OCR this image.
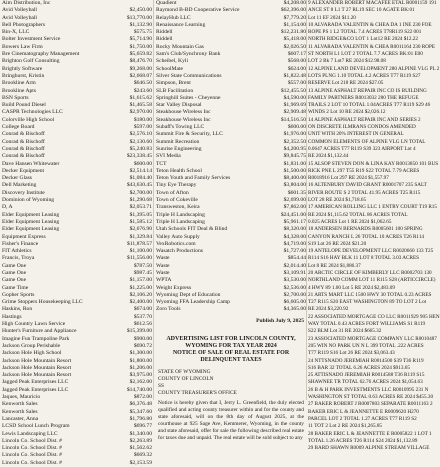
Aim Distribution, Inc
Avid Volleyball	$2,450.00
Avid Volleyball	$13,770.00
Bell Photographers	$1,132.90
Bin-X, LLC	$575.75
Bolter Investment Service	$5,714.90
Bowers Law Firm	$1,750.00
Bre Cinematography Management	$5,659.82
Brighton Golf Consulting	$8,476.70
Brightly Software	$9,268.00
Bringhurst, Kristin	$2,668.07
Brookline Arm	$646.50
Brookline Apts	$243.60
BSN Sports	$1,615.62
Build Pound Diesel	$1,465.58
CASPR Technologies LLC	$2,970.00
Colorville High School	$180.00
College Board	$597.00
Conrad & Bischoff	$2,576.10
Conrad & Bischoff	$2,130.60
Conrad & Bischoff	$5,240.83
Conrad & Bischoff	$23,338.45
Dave Hansen Whitewater	$600.00
Decker Equipment	$2,514.14
Decker Glass	$1,084.40
Dell Marketing	$43,630.45
Discovery Institute	$2,700.00
Dominion of Wyoming	$1,290.68
D, A	$2,053.71
Elder Equipment Leasing	$1,395.05
Elder Equipment Leasing	$1,585.12
Elder Equipment Leasing	$2,676.90
Equipment Express	$1,329.84
Fisher's Finance	$11,878.57
FIT Athletics	$1,100.00
Francis, Troya	$11,556.00
Game One	$787.50
Game One	$987.45
Game One	$1,157.00
Game Time	$1,225.00
Gopher Sports	$2,106.20
Grime Stoppers Housekeeping LLC	$2,400.00
Haskins, Ron	$674.00
Hastings	$537.70
High Country Lawn Service	$612.56
Hunter's Furniture and Appliance	$15,399.00
Imagine Fun Trampoline Park	$900.00
Jackson Group Perishable	$690.72
Jackson Hole High School	$1,300.00
Jackson Hole Mountain Resort	$1,800.00
Jackson Hole Mountain Resort	$1,206.00
Jackson Hole Mountain Resort	$3,975.00
Jagged Peak Enterprises LLC	$2,162.00
Jagged Peak Enterprises LLC	$14,740.00
Jaques, Mauricio	$872.00
Kenworth Sales	$6,376.48
Kenworth Sales	$5,347.60
Lancaster, Anna	$1,796.80
LCSD School Lunch Program	$696.77
Lewis Landscaping LLC	$1,340.00
Lincoln Co. School Dist. #	$2,263.89
Lincoln Co. School Dist. #	$1,562.62
Lincoln Co. School Dist. #	$669.32
Lincoln Co. School Dist. #	$2,153.59
Quadient	$4,208.00
Raymond B-BD Cooperative Service	$62,396.00
RelayHub LLC	$7,779.20
Renaissance Learning	$1,154.00
Riddell	$12,231.80
Riddell	$5,418.00
Rocky Mountain Gas	$2,026.50
Sam's Club/Synchrony Bank	$607.17
Scheibel, Kyli	$568.00
SchoolMate	$624.00
Silver State Communications	$1,822.48
Simpson, Brent	$557.00
SLB Facilitation	$12,455.50
Springhill Suites - Cheyenne	$4,590.00
Star Valley Disposal	$1,969.69
Steakhouse Wireless Inc	$2,909.48
Steakhouse Wireless Inc	$14,516.50
Subaff's Towing LLC	$600.00
Summit Fire & Security, LLC	$1,976.00
Summit Recreation	$2,352.50
Sunrise Engineering	$4,200.95
SVI Media	$9,845.75
TCT	$1,831.00
Teton Health School	$1,500.00
Teton Youth and Family Services	$8,400.00
Tiny Eye Therapy	$3,804.00
Town of Afton	$601.35
Town of Cokeville	$2,699.00
Transweston, Keira	$7,862.00
Triple H Landscaping	$24,451.00
Triple H Landscaping	$5,961.17
Utah Schools FIT Deal & Blind	$8,320.00
Valley Auto Supply	$4,328.00
VexRobotics.com	$4,719.00
Wasatch Productions	$1,727.00
Waste	$854.44
Waste	$2,014.40
Waste	$3,109.91
WPTA	$3,530.00
Weight Express	$2,536.00
Wyoming Dept of Education	$2,700.00
Wyoming FFA Leadership Camp	$6,605.00
Zoro Tools	$4,365.00
Publish July 9, 2025
ADVERTISING LIST FOR LINCOLN COUNTY,
WYOMING FOR TAX YEAR 2024
NOTICE OF SALE OF REAL ESTATE FOR
DELINQUENT TAXES
STATE OF WYOMING
COUNTY OF LINCOLN
SS
COUNTY TREASURER'S OFFICE
Notice is hereby given that I, Jerry L. Greenfield, the duly elected qualified and acting county treasurer within and for the county and state aforesaid, will on the 8th day of August 2025, at the courthouse at 925 Sage Ave, Kemmerer, Wyoming, in the county and state aforesaid, offer for sale the following described real estate for taxes due and unpaid. The real estate will be sold subject to any
9 ALEXANDER ROBERT MACAFEE ETAL R0001159 191
ANCE ST 8 L1 T 27 RL19 SEC 10 AGATE BK:01
Lot 11 EF 2024 $11.20
10 ALVARADA VALENTIN & CHEA DA 1 INE 230 FOE
ROPE PS 1 L2 TOTAL 7.4 ACRES T78R119 S22 001
NORTH RIDGE&CO LOT 1 Lot12 RE 2024 $12.22
11 ALVARADA VALENTIN & CHEA R0011164 230 ROPE
ST NORTH L1 LOT 2 TOTAL 7.7 ACRES BK:01 E00
LOT 2 Bk 7 Lot7 RE 2024 $12.98.08
12 ALPINE LAND DEVELOPMENT 280 ALPINE VLG PL 2
LOTS PLNG 1.10 TOTAL 4.2 ACRES T77 R119 S27
RESERVE Lot 218 RE 2024 $27.05
13 ALPINE ASPHALT REPAIR INC CO IS BUILDING
FAMILY PARTNERS R0013032 280 THE REFUGE
TRAILS 2 LOT 10 TOTAL 1.04ACRES T77 R119 S29 46
WINDS 2 Lot 10 RE 2024 $2,026.12
14 ALPINE ASPHALT REPAIR INC AND SERIES 2
ON DISCRETE ILMRANS CONDOS AMENDED
UNIT WITH 20% INTEREST IN GENERAL
COMMON ELEMENTS OF ALPINE VLG LN TOTAL
0.0647 ACRES T77 R119 S39 323 AIRPORT Lot 4
RE 2024 $1,132.44
15 ALSOP STEVEN DON & LINA KAY R0013850 101 BUS
RICK PNE L 297 T55 R19 S22 TOTAL 7.79 ACRES
R0018916 Lot 297 RE 2024 $1,557.97
16 ALTENBURY DAVID GRANT R0001707 235 SALT
RIVER ROUTE S 2 TOTAL 41.95 ACRES T25 R115
LOT 28 RE 2024 $1,718.65
17 AMERICAN ROLLING LLC 1 ENTRY COURT T19 R15
RE 2024 $1,115.62 TOTAL 86 ACRES TOTAL
0.025 ACRES Lot 1 RE 2024 $1,062.65
18 ANDERSEN BERNARDS R0005601 100 SPRING
CANYON RANCH L 26 TOTAL 10 ACRES T26 R114
S19 Lot 26 RE 2024 $21.20
19 ANTELOPE DEVELOPMENT LLC R0020660 133 T25
R114 S16 HAY BLK 11 LOT 8 TOTAL 3.03 ACRES
Lot 8 RE 2024 $1,886.37
20 ARCTIC CIRCLE OF KIMBERLY LLC R0002703 130
NORTHLAND COMM LOT 11 R115 S28 (ARTICCIRCLE)
4 HWY 89 1.00 Lot 5 RE 2024 $2,483.09
21 ARTS MART LLC 1500 HWY 30 TOTAL 0.23 ACRES
T27 R115 S20 EAST WASHINGTON 89 TO LOT 2 Lot
RE 2024 $3,220.92
22 ASSOCIATED MORTGAGE CO LLC R0011929 905 HEN
WAY TOTAL 0.43 ACRES FORT WILLIAMS S1 R119
S22 BLM Lot 31 RE 2024 $665.32
23 ASSOCIATED MORTGAGE COMPANY LLC R0010487
205 WIN NO PARK UN N L 399 TOTAL .222 ACRES
T77 R119 S16 Lot 26 RE 2024 $3,063.43
24 NTTSNADO JEREMIAH R0014500 S39 T36 R119
S16 BAR 32 TOTAL 6.26 ACRES 2024 $913.65
25 ATTISNADO JEREMIAH R0014588 T36 R119 S15
SHAWNEE TR TOTAL 62.76 ACRES 2024 $1,054.63
26 B & H PARK INVESTMENTS LLC R0010995 231 N
WASHINGTON ST TOTAL 0.63 ACRES RE 2024 $455.30
27 BAKER ROBERT J R0007803 SEPARATE R0011163 2
BAKER ERIC L & JEANNETTE E R0009620 H270
PARCEL LOT 2 TOTAL 1.27 ACRES T77 R119 S2
11 TOT 2 Lot 2 RE 2024 $1,265.85
28 BAKER ERIC L & JEANNETTE E R0005822 1 LOT 1
TOTAL 1.26 ACRES T26 R114 S24 2024 $1,132.89
29 BARD SHAWN R0009 ALPINE STREAM VILLAGE
